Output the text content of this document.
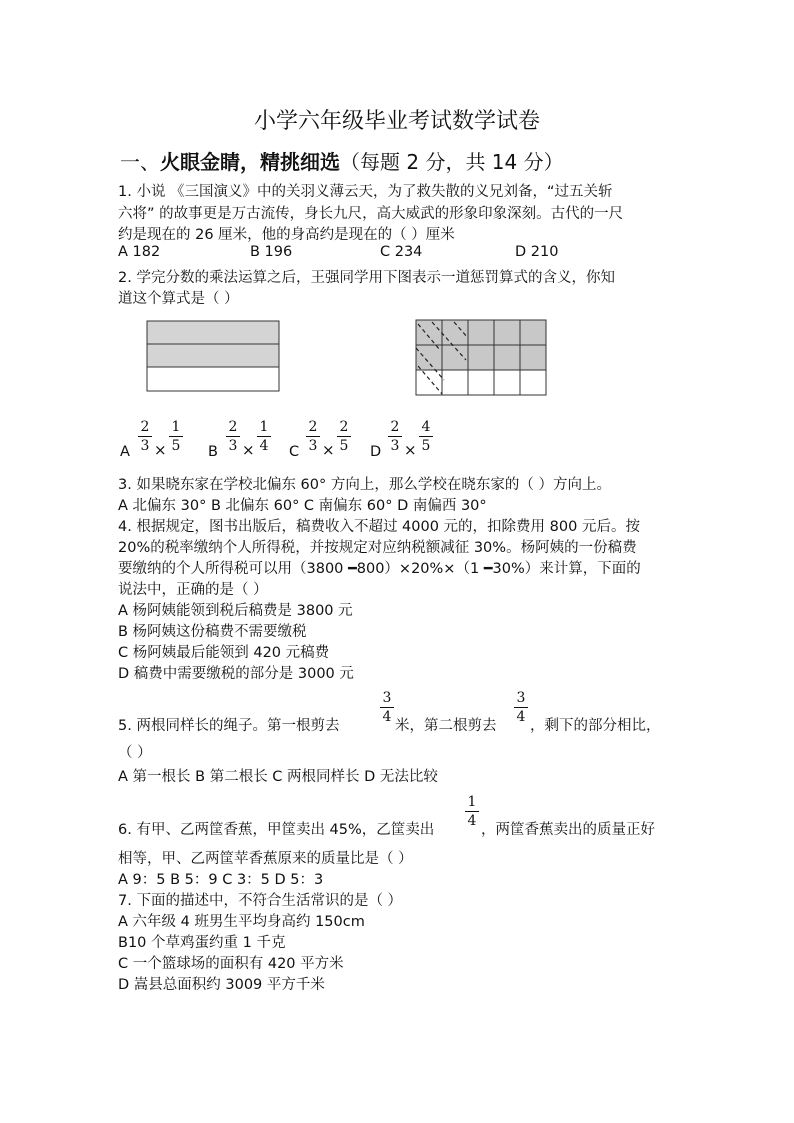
小学六年级毕业考试数学试卷
一、火眼金睛，精挑细选（每题 2 分，共 14 分）
1. 小说 《三国演义》中的关羽义薄云天，为了救失散的义兄刘备，“过五关斩
六将” 的故事更是万古流传，身长九尺，高大威武的形象印象深刻。古代的一尺
约是现在的 26 厘米，他的身高约是现在的（ ）厘米
A 182	B 196	C 234	D 210
2. 学完分数的乘法运算之后，王强同学用下图表示一道惩罚算式的含义，你知
道这个算式是（ ）
A $\frac{2}{3} \times \frac{1}{5}$ B $\frac{2}{3} \times \frac{1}{4}$ C $\frac{2}{3} \times \frac{2}{5}$ D $\frac{2}{3} \times \frac{4}{5}$
3. 如果晓东家在学校北偏东 60° 方向上，那么学校在晓东家的（ ）方向上。
A 北偏东 30° B 北偏东 60° C 南偏东 60° D 南偏西 30°
4. 根据规定，图书出版后，稿费收入不超过 4000 元的，扣除费用 800 元后。按
20%的税率缴纳个人所得税，并按规定对应纳税额减征 30%。杨阿姨的一份稿费
要缴纳的个人所得税可以用（3800 ━800）×20%×（1 ━30%）来计算，下面的
说法中，正确的是（ ）
A 杨阿姨能领到税后稿费是 3800 元
B 杨阿姨这份稿费不需要缴税
C 杨阿姨最后能领到 420 元稿费
D 稿费中需要缴税的部分是 3000 元
5. 两根同样长的绳子。第一根剪去	$\frac{3}{4}$ 米，第二根剪去 $\frac{3}{4}$ ，剩下的部分相比，
（ ）
A 第一根长 B 第二根长 C 两根同样长 D 无法比较
6. 有甲、乙两筐香蕉，甲筐卖出 45%，乙筐卖出 $\frac{1}{4}$ ，两筐香蕉卖出的质量正好
相等，甲、乙两筐苹香蕉原来的质量比是（ ）
A 9：5 B 5：9 C 3：5 D 5：3
7. 下面的描述中，不符合生活常识的是（ ）
A 六年级 4 班男生平均身高约 150cm
B10 个草鸡蛋约重 1 千克
C 一个篮球场的面积有 420 平方米
D 嵩县总面积约 3009 平方千米
